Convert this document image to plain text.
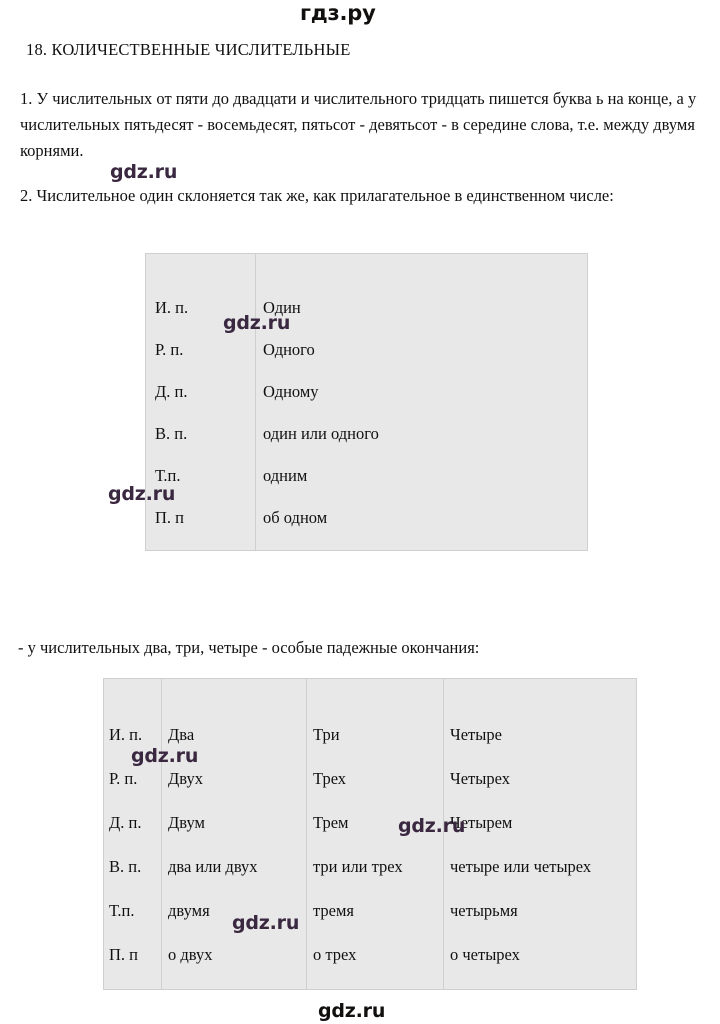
гдз.ру
18. КОЛИЧЕСТВЕННЫЕ ЧИСЛИТЕЛЬНЫЕ
1. У числительных от пяти до двадцати и числительного тридцать пишется буква ь на конце, а у числительных пятьдесят - восемьдесят, пятьсот - девятьсот - в середине слова, т.е. между двумя корнями.
gdz.ru
2. Числительное один склоняется так же, как прилагательное в единственном числе:

И. п.	Один
Р. п.	Одного
Д. п.	Одному
В. п.	один или одного
Т.п.	одним
П. п	об одном
gdz.ru
gdz.ru
- у числительных два, три, четыре - особые падежные окончания:

И. п.	Два	Три	Четыре
Р. п.	Двух	Трех	Четырех
Д. п.	Двум	Трем	Четырем
В. п.	два или двух	три или трех	четыре или четырех
Т.п.	двумя	тремя	четырьмя
П. п	о двух	о трех	о четырех
gdz.ru
gdz.ru
gdz.ru
gdz.ru
